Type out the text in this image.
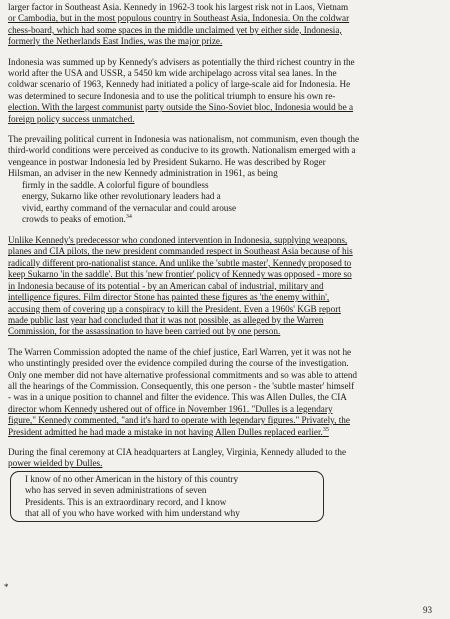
larger factor in Southeast Asia. Kennedy in 1962-3 took his largest risk not in Laos, Vietnam
or Cambodia, but in the most populous country in Southeast Asia, Indonesia. On the coldwar
chess-board, which had some spaces in the middle unclaimed yet by either side, Indonesia,
formerly the Netherlands East Indies, was the major prize.
Indonesia was summed up by Kennedy's advisers as potentially the third richest country in the
world after the USA and USSR, a 5450 km wide archipelago across vital sea lanes. In the
coldwar scenario of 1963, Kennedy had initiated a policy of large-scale aid for Indonesia. He
was determined to secure Indonesia and to use the political triumph to ensure his own re-
election. With the largest communist party outside the Sino-Soviet bloc, Indonesia would be a
foreign policy success unmatched.
The prevailing political current in Indonesia was nationalism, not communism, even though the
third-world conditions were perceived as conducive to its growth. Nationalism emerged with a
vengeance in postwar Indonesia led by President Sukarno. He was described by Roger
Hilsman, an adviser in the new Kennedy administration in 1961, as being
firmly in the saddle. A colorful figure of boundless
energy, Sukarno like other revolutionary leaders had a
vivid, earthy command of the vernacular and could arouse
crowds to peaks of emotion.$^{34}$
Unlike Kennedy's predecessor who condoned intervention in Indonesia, supplying weapons,
planes and CIA pilots, the new president commanded respect in Southeast Asia because of his
radically different pro-nationalist stance. And unlike the 'subtle master', Kennedy proposed to
keep Sukarno 'in the saddle'. But this 'new frontier' policy of Kennedy was opposed - more so
in Indonesia because of its potential - by an American cabal of industrial, military and
intelligence figures. Film director Stone has painted these figures as 'the enemy within',
accusing them of covering up a conspiracy to kill the President. Even a 1960s' KGB report
made public last year had concluded that it was not possible, as alleged by the Warren
Commission, for the assassination to have been carried out by one person.
The Warren Commission adopted the name of the chief justice, Earl Warren, yet it was not he
who unstintingly presided over the evidence compiled during the course of the investigation.
Only one member did not have alternative professional commitments and so was able to attend
all the hearings of the Commission. Consequently, this one person - the 'subtle master' himself
- was in a unique position to channel and filter the evidence. This was Allen Dulles, the CIA
director whom Kennedy ushered out of office in November 1961. "Dulles is a legendary
figure," Kennedy commented, "and it's hard to operate with legendary figures." Privately, the
President admitted he had made a mistake in not having Allen Dulles replaced earlier.$^{35}$
During the final ceremony at CIA headquarters at Langley, Virginia, Kennedy alluded to the
power wielded by Dulles.
I know of no other American in the history of this country
who has served in seven administrations of seven
Presidents. This is an extraordinary record, and I know
that all of you who have worked with him understand why
*
93
